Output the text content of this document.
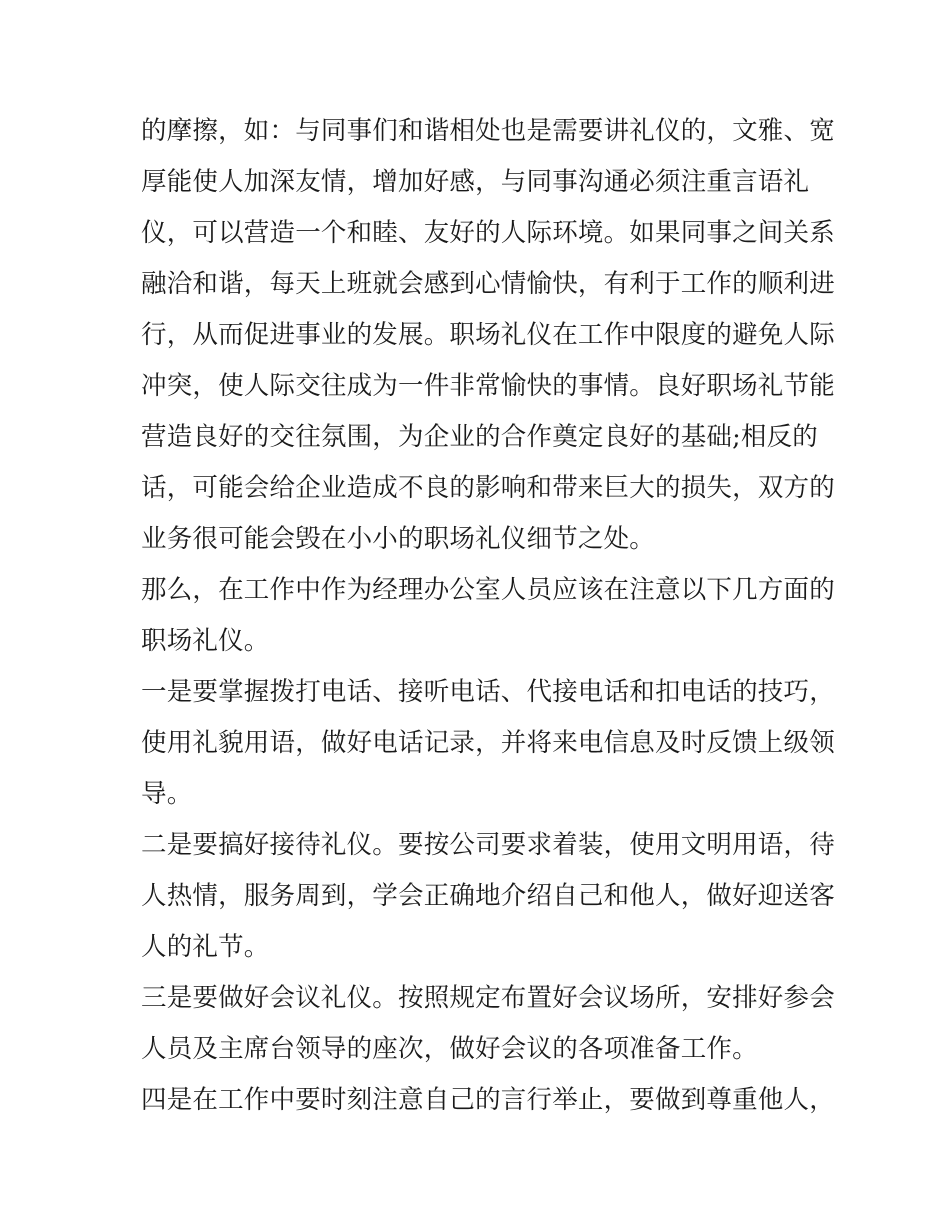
的摩擦，如：与同事们和谐相处也是需要讲礼仪的，文雅、宽
厚能使人加深友情，增加好感，与同事沟通必须注重言语礼
仪，可以营造一个和睦、友好的人际环境。如果同事之间关系
融洽和谐，每天上班就会感到心情愉快，有利于工作的顺利进
行，从而促进事业的发展。职场礼仪在工作中限度的避免人际
冲突，使人际交往成为一件非常愉快的事情。良好职场礼节能
营造良好的交往氛围，为企业的合作奠定良好的基础;相反的
话，可能会给企业造成不良的影响和带来巨大的损失，双方的
业务很可能会毁在小小的职场礼仪细节之处。
那么，在工作中作为经理办公室人员应该在注意以下几方面的
职场礼仪。
一是要掌握拨打电话、接听电话、代接电话和扣电话的技巧，
使用礼貌用语，做好电话记录，并将来电信息及时反馈上级领
导。
二是要搞好接待礼仪。要按公司要求着装，使用文明用语，待
人热情，服务周到，学会正确地介绍自己和他人，做好迎送客
人的礼节。
三是要做好会议礼仪。按照规定布置好会议场所，安排好参会
人员及主席台领导的座次，做好会议的各项准备工作。
四是在工作中要时刻注意自己的言行举止，要做到尊重他人，
